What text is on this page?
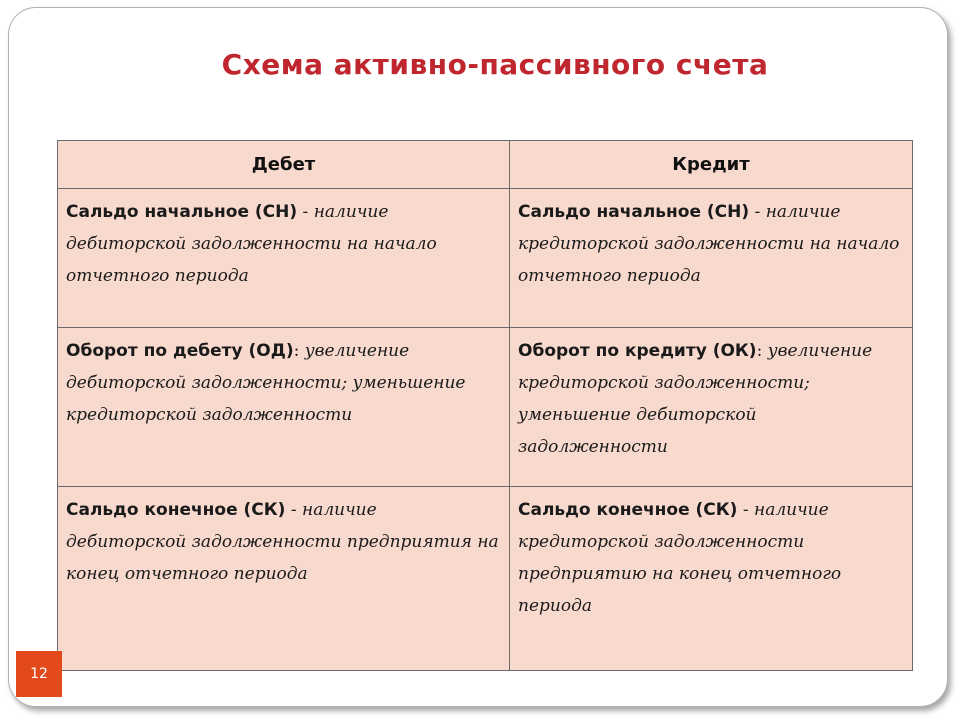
Схема активно-пассивного счета
Дебет	Кредит
Сальдо начальное (СН) - наличие дебиторской задолженности на начало отчетного периода	Сальдо начальное (СН) - наличие кредиторской задолженности на начало отчетного периода
Оборот по дебету (ОД): увеличение дебиторской задолженности; уменьшение кредиторской задолженности	Оборот по кредиту (ОК): увеличение кредиторской задолженности; уменьшение дебиторской задолженности
Сальдо конечное (СК) - наличие дебиторской задолженности предприятия на конец отчетного периода	Сальдо конечное (СК) - наличие кредиторской задолженности предприятию на конец отчетного периода
12
